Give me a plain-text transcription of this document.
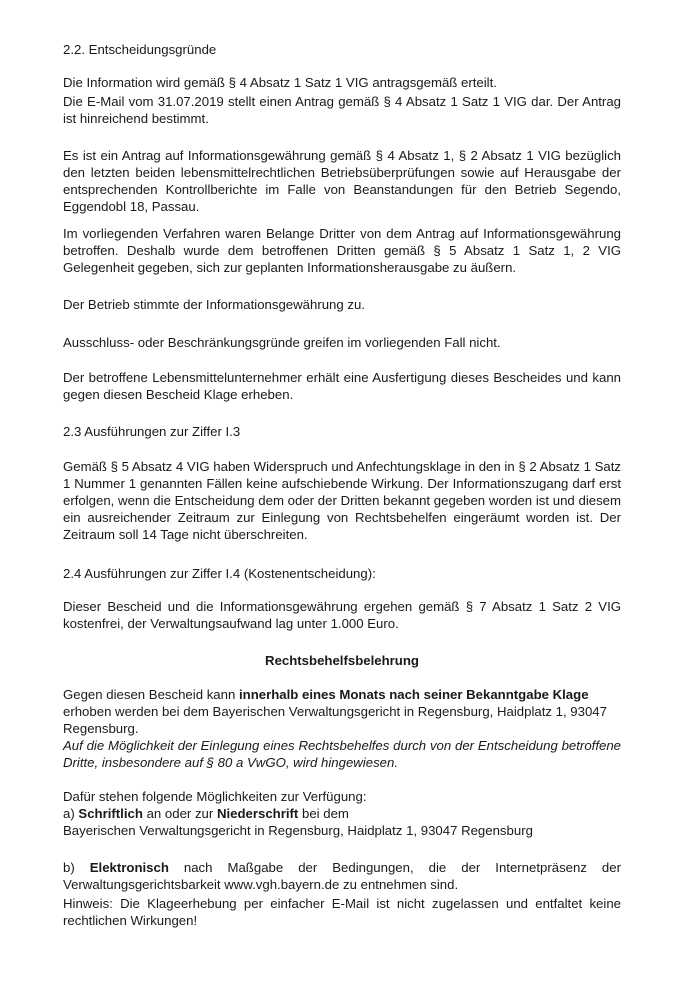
2.2. Entscheidungsgründe
Die Information wird gemäß § 4 Absatz 1 Satz 1 VIG antragsgemäß erteilt.
Die E-Mail vom 31.07.2019 stellt einen Antrag gemäß § 4 Absatz 1 Satz 1 VIG dar. Der Antrag ist hinreichend bestimmt.
Es ist ein Antrag auf Informationsgewährung gemäß § 4 Absatz 1, § 2 Absatz 1 VIG bezüglich den letzten beiden lebensmittelrechtlichen Betriebsüberprüfungen sowie auf Herausgabe der entsprechenden Kontrollberichte im Falle von Beanstandungen für den Betrieb Segendo, Eggendobl 18, Passau.
Im vorliegenden Verfahren waren Belange Dritter von dem Antrag auf Informationsgewährung betroffen. Deshalb wurde dem betroffenen Dritten gemäß § 5 Absatz 1 Satz 1, 2 VIG Gelegenheit gegeben, sich zur geplanten Informationsherausgabe zu äußern.
Der Betrieb stimmte der Informationsgewährung zu.
Ausschluss- oder Beschränkungsgründe greifen im vorliegenden Fall nicht.
Der betroffene Lebensmittelunternehmer erhält eine Ausfertigung dieses Bescheides und kann gegen diesen Bescheid Klage erheben.
2.3 Ausführungen zur Ziffer I.3
Gemäß § 5 Absatz 4 VIG haben Widerspruch und Anfechtungsklage in den in § 2 Absatz 1 Satz 1 Nummer 1 genannten Fällen keine aufschiebende Wirkung. Der Informationszugang darf erst erfolgen, wenn die Entscheidung dem oder der Dritten bekannt gegeben worden ist und diesem ein ausreichender Zeitraum zur Einlegung von Rechtsbehelfen eingeräumt worden ist. Der Zeitraum soll 14 Tage nicht überschreiten.
2.4 Ausführungen zur Ziffer I.4 (Kostenentscheidung):
Dieser Bescheid und die Informationsgewährung ergehen gemäß § 7 Absatz 1 Satz 2 VIG kostenfrei, der Verwaltungsaufwand lag unter 1.000 Euro.
Rechtsbehelfsbelehrung

Gegen diesen Bescheid kann innerhalb eines Monats nach seiner Bekanntgabe Klage

erhoben werden bei dem Bayerischen Verwaltungsgericht in Regensburg, Haidplatz 1, 93047

Regensburg.

Auf die Möglichkeit der Einlegung eines Rechtsbehelfes durch von der Entscheidung betroffene Dritte, insbesondere auf § 80 a VwGO, wird hingewiesen.

Dafür stehen folgende Möglichkeiten zur Verfügung:

a) Schriftlich an oder zur Niederschrift bei dem

Bayerischen Verwaltungsgericht in Regensburg, Haidplatz 1, 93047 Regensburg

b) Elektronisch nach Maßgabe der Bedingungen, die der Internetpräsenz der Verwaltungsgerichtsbarkeit www.vgh.bayern.de zu entnehmen sind.
Hinweis: Die Klageerhebung per einfacher E-Mail ist nicht zugelassen und entfaltet keine rechtlichen Wirkungen!
